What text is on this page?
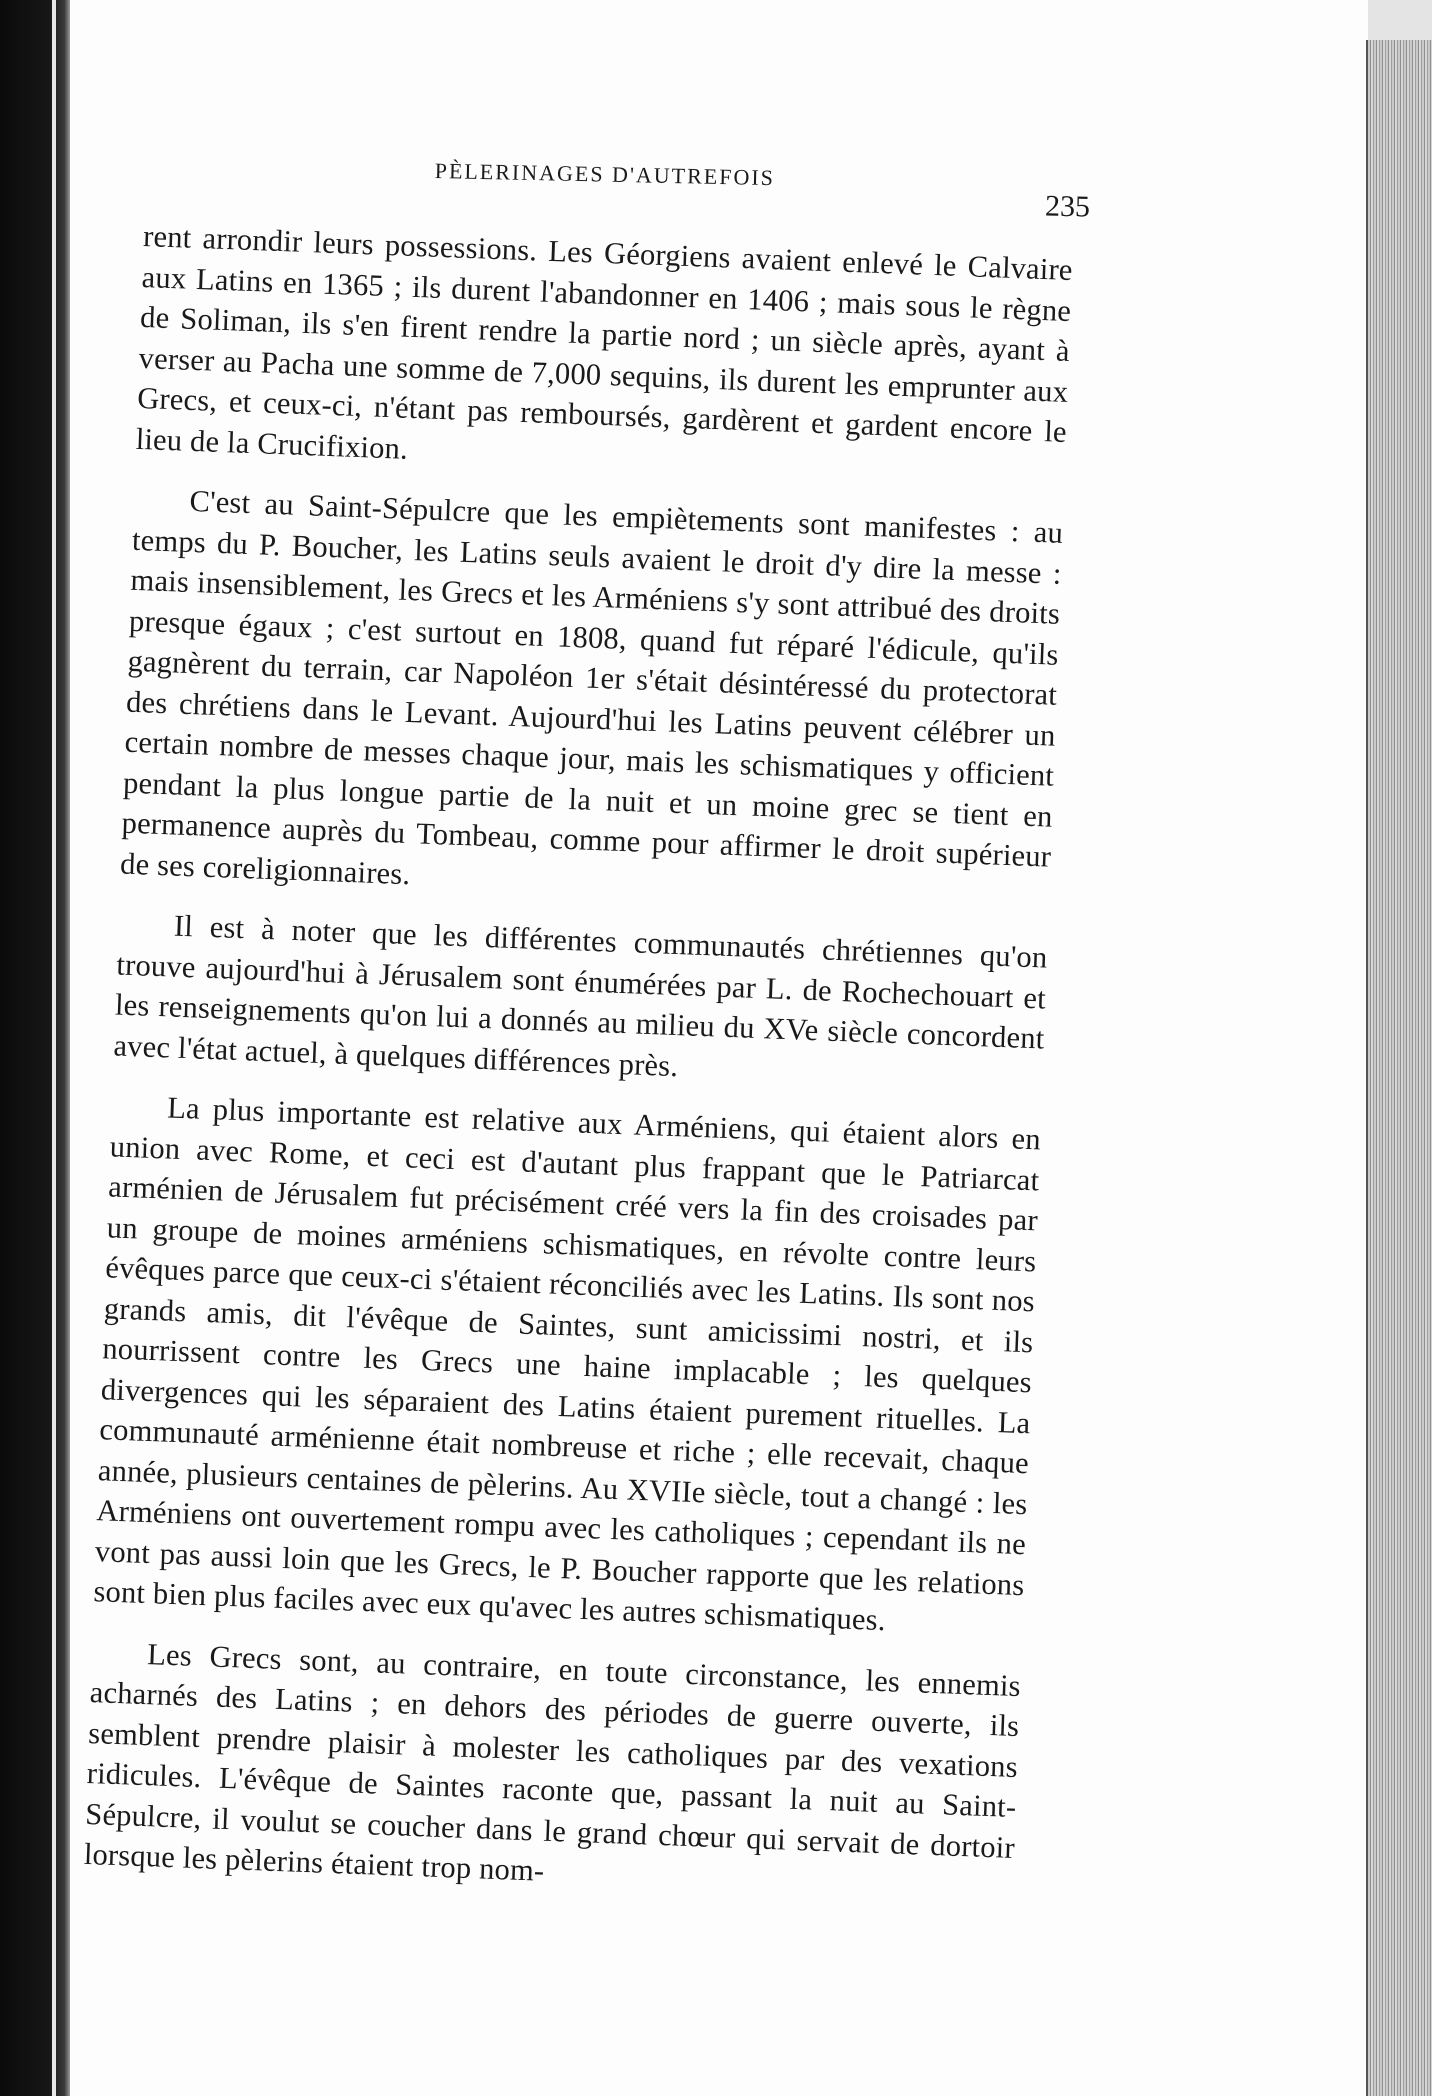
PÈLERINAGES D'AUTREFOIS
235

rent arrondir leurs possessions. Les Géorgiens avaient enlevé le Calvaire aux Latins en 1365 ; ils durent l'abandonner en 1406 ; mais sous le règne de Soliman, ils s'en firent rendre la partie nord ; un siècle après, ayant à verser au Pacha une somme de 7,000 sequins, ils durent les emprunter aux Grecs, et ceux-ci, n'étant pas remboursés, gardèrent et gardent encore le lieu de la Crucifixion.

C'est au Saint-Sépulcre que les empiètements sont manifestes : au temps du P. Boucher, les Latins seuls avaient le droit d'y dire la messe : mais insensiblement, les Grecs et les Arméniens s'y sont attribué des droits presque égaux ; c'est surtout en 1808, quand fut réparé l'édicule, qu'ils gagnèrent du terrain, car Napoléon 1er s'était désintéressé du protectorat des chrétiens dans le Levant. Aujourd'hui les Latins peuvent célébrer un certain nombre de messes chaque jour, mais les schismatiques y officient pendant la plus longue partie de la nuit et un moine grec se tient en permanence auprès du Tombeau, comme pour affirmer le droit supérieur de ses coreligionnaires.

Il est à noter que les différentes communautés chrétiennes qu'on trouve aujourd'hui à Jérusalem sont énumérées par L. de Rochechouart et les renseignements qu'on lui a donnés au milieu du XVe siècle concordent avec l'état actuel, à quelques différences près.

La plus importante est relative aux Arméniens, qui étaient alors en union avec Rome, et ceci est d'autant plus frappant que le Patriarcat arménien de Jérusalem fut précisément créé vers la fin des croisades par un groupe de moines arméniens schismatiques, en révolte contre leurs évêques parce que ceux-ci s'étaient réconciliés avec les Latins. Ils sont nos grands amis, dit l'évêque de Saintes, sunt amicissimi nostri, et ils nourrissent contre les Grecs une haine implacable ; les quelques divergences qui les séparaient des Latins étaient purement rituelles. La communauté arménienne était nombreuse et riche ; elle recevait, chaque année, plusieurs centaines de pèlerins. Au XVIIe siècle, tout a changé : les Arméniens ont ouvertement rompu avec les catholiques ; cependant ils ne vont pas aussi loin que les Grecs, le P. Boucher rapporte que les relations sont bien plus faciles avec eux qu'avec les autres schismatiques.

Les Grecs sont, au contraire, en toute circonstance, les ennemis acharnés des Latins ; en dehors des périodes de guerre ouverte, ils semblent prendre plaisir à molester les catholiques par des vexations ridicules. L'évêque de Saintes raconte que, passant la nuit au Saint-Sépulcre, il voulut se coucher dans le grand chœur qui servait de dortoir lorsque les pèlerins étaient trop nom-
